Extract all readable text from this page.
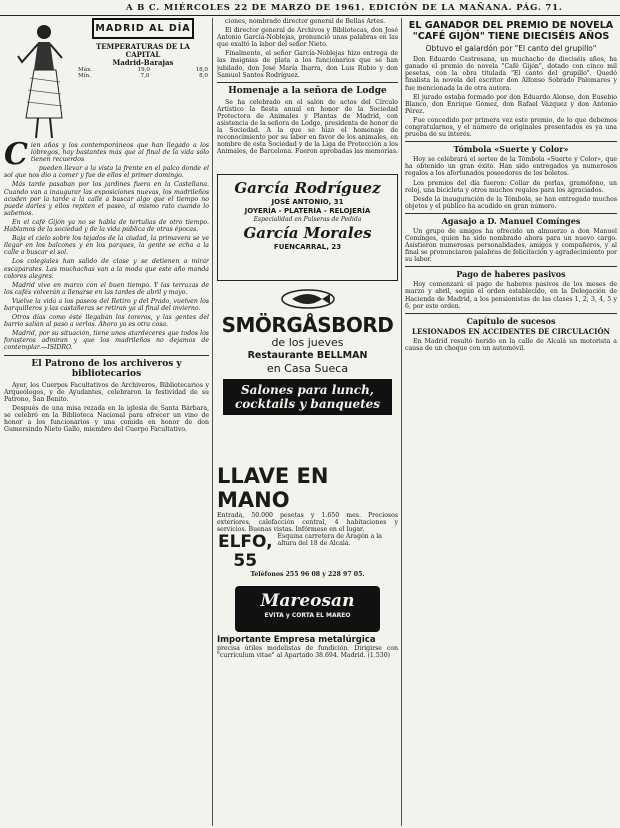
A B C. MIÉRCOLES 22 DE MARZO DE 1961. EDICIÓN DE LA MAÑANA. PÁG. 71.
MADRID AL DÍA
TEMPERATURAS DE LA CAPITAL
Madrid-Barajas
Máx.	19,0	18,0
Mín.	7,0	8,0

Cien años y los contemporáneos que han llegado a los lóbregos, hay bastantes más que al final de la vida sólo tienen recuerdos

pueden llevar a la vista la frente en el palco donde el sol que nos dio a comer y fue de ellos el primer domingo.

Más tarde pasaban por los jardines fuera en la Castellana. Cuando van a inaugurar las exposiciones nuevas, los madrileños acuden por la tarde a la calle a buscar algo que el tiempo no puede darles y ellos repiten el paseo, al mismo rato cuando lo sabemos.

En el café Gijón ya no se habla de tertulias de otro tiempo. Hablamos de la sociedad y de la vida pública de otras épocas.

Baja el cielo sobre los tejados de la ciudad, la primavera se ve llegar en los balcones y en los parques, la gente se echa a la calle a buscar el sol.

Los colegiales han salido de clase y se detienen a mirar escaparates. Las muchachas van a la moda que este año manda colores alegres.

Madrid vive en marzo con el buen tiempo. Y las terrazas de los cafés volverán a llenarse en las tardes de abril y mayo.

Vuelve la vida a los paseos del Retiro y del Prado, vuelven los barquilleros y las castañeras se retiran ya al final del invierno.

Otros días como éste llegaban los toreros, y las gentes del barrio salían al paso a verlos. Ahora ya es otra cosa.

Madrid, por su situación, tiene unos atardeceres que todos los forasteros admiran y que los madrileños no dejamos de contemplar.—ISIDRO.

El Patrono de los archiveros y bibliotecarios

Ayer, los Cuerpos Facultativos de Archiveros, Bibliotecarios y Arqueólogos, y de Ayudantes, celebraron la festividad de su Patrono, San Benito.

Después de una misa rezada en la iglesia de Santa Bárbara, se celebró en la Biblioteca Nacional para ofrecer un vino de honor a los funcionarios y una comida en honor de don Gumersindo Nieto Gallo, miembro del Cuerpo Facultativo.

ciones, nombrado director general de Bellas Artes.

El director general de Archivos y Bibliotecas, don José Antonio García-Noblejas, pronunció unas palabras en las que exaltó la labor del señor Nieto.

Finalmente, el señor García-Noblejas hizo entrega de las insignias de plata a los funcionarios que se han jubilado, don José María Ibarra, don Luis Rubio y don Samuel Santos Rodríguez.

Homenaje a la señora de Lodge

Se ha celebrado en el salón de actos del Círculo Artístico la fiesta anual en honor de la Sociedad Protectora de Animales y Plantas de Madrid, con asistencia de la señora de Lodge, presidenta de honor de la Sociedad. A la que se hizo el homenaje de reconocimiento por su labor en favor de los animales, en nombre de esta Sociedad y de la Liga de Protección a los Animales, de Barcelona. Fueron aprobadas las memorias.

García Rodríguez
JOSÉ ANTONIO, 31
JOYERÍA - PLATERÍA - RELOJERÍA
Especialidad en Pulseras de Pedida
García Morales
FUENCARRAL, 23
SMÖRGÅSBORD
de los jueves
Restaurante BELLMAN
en Casa Sueca
Salones para lunch, cocktails y banquetes
LLAVE EN MANO
Entrada, 50.000 pesetas y 1.650 mes. Preciosos exteriores, calefacción central, 4 habitaciones y servicios. Buenas vistas. Infórmese en el lugar.
ELFO, 55
Esquina carretera de Aragón a la altura del 18 de Alcalá.
Teléfonos 255 96 08 y 228 97 05.
Mareosan
EVITA y CORTA EL MAREO
Importante Empresa metalúrgica
precisa útiles modelistas de fundición. Dirigirse con "currículum vitae" al Apartado 38.694. Madrid. (1.530)
EL GANADOR DEL PREMIO DE NOVELA "CAFÉ GIJÓN" TIENE DIECISÉIS AÑOS
Obtuvo el galardón por "El canto del grupillo"

Don Eduardo Castresana, un muchacho de dieciséis años, ha ganado el premio de novela "Café Gijón", dotado con cinco mil pesetas, con la obra titulada "El canto del grupillo". Quedó finalista la novela del escritor don Alfonso Sobrado Palomares y fue mencionada la de otra autora.

El jurado estaba formado por don Eduardo Alonso, don Eusebio Blanco, don Enrique Gómez, don Rafael Vázquez y don Antonio Pérez.

Fue concedido por primera vez este premio, de lo que debemos congratularnos, y el número de originales presentados es ya una prueba de su interés.

Tómbola «Suerte y Color»

Hoy se celebrará el sorteo de la Tómbola «Suerte y Color», que ha obtenido un gran éxito. Han sido entregados ya numerosos regalos a los afortunados poseedores de los boletos.

Los premios del día fueron: Collar de perlas, gramófono, un reloj, una bicicleta y otros muchos regalos para los agraciados.

Desde la inauguración de la Tómbola, se han entregado muchos objetos y el público ha acudido en gran número.

Agasajo a D. Manuel Comínges

Un grupo de amigos ha ofrecido un almuerzo a don Manuel Comínges, quien ha sido nombrado ahora para un nuevo cargo. Asistieron numerosas personalidades, amigos y compañeros, y al final se pronunciaron palabras de felicitación y agradecimiento por su labor.

Pago de haberes pasivos

Hoy comenzará el pago de haberes pasivos de los meses de marzo y abril, según el orden establecido, en la Delegación de Hacienda de Madrid, a los pensionistas de las clases 1, 2, 3, 4, 5 y 6, por este orden.

Capítulo de sucesos
LESIONADOS EN ACCIDENTES DE CIRCULACIÓN

En Madrid resultó herido en la calle de Alcalá un motorista a causa de un choque con un automóvil.
